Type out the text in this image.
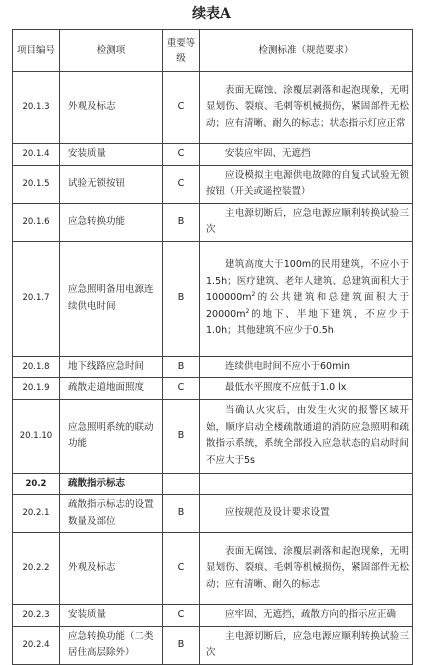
续表A
项目编号	检测项	重要等级	检测标准（规范要求）
20.1.3	外观及标志	C	表面无腐蚀、涂覆层剥落和起泡现象，无明显划伤、裂痕、毛刺等机械损伤，紧固部件无松动；应有清晰、耐久的标志；状态指示灯应正常

20.1.4	安装质量	C	安装应牢固、无遮挡

20.1.5	试验无锁按钮	C	应设模拟主电源供电故障的自复式试验无锁按钮（开关或遥控装置）

20.1.6	应急转换功能	B	主电源切断后，应急电源应顺利转换试验三次

20.1.7	应急照明备用电源连续供电时间	B	建筑高度大于100m的民用建筑，不应小于1.5h；医疗建筑、老年人建筑、总建筑面积大于$100000m^2$的公共建筑和总建筑面积大于$20000m^2$的地下、半地下建筑，不应少于1.0h；其他建筑不应少于0.5h

20.1.8	地下线路应急时间	B	连续供电时间不应小于60min

20.1.9	疏散走道地面照度	C	最低水平照度不应低于1.0 lx

20.1.10	应急照明系统的联动功能	B	当确认火灾后，由发生火灾的报警区域开始，顺序启动全楼疏散通道的消防应急照明和疏散指示系统，系统全部投入应急状态的启动时间不应大于5s

20.2	疏散指示标志		

20.2.1	疏散指示标志的设置数量及部位	B	应按规范及设计要求设置

20.2.2	外观及标志	C	表面无腐蚀、涂覆层剥落和起泡现象，无明显划伤、裂痕、毛刺等机械损伤，紧固部件无松动；应有清晰、耐久的标志

20.2.3	安装质量	C	应牢固、无遮挡，疏散方向的指示应正确

20.2.4	应急转换功能（二类居住高层除外）	B	主电源切断后，应急电源应顺利转换试验三次
